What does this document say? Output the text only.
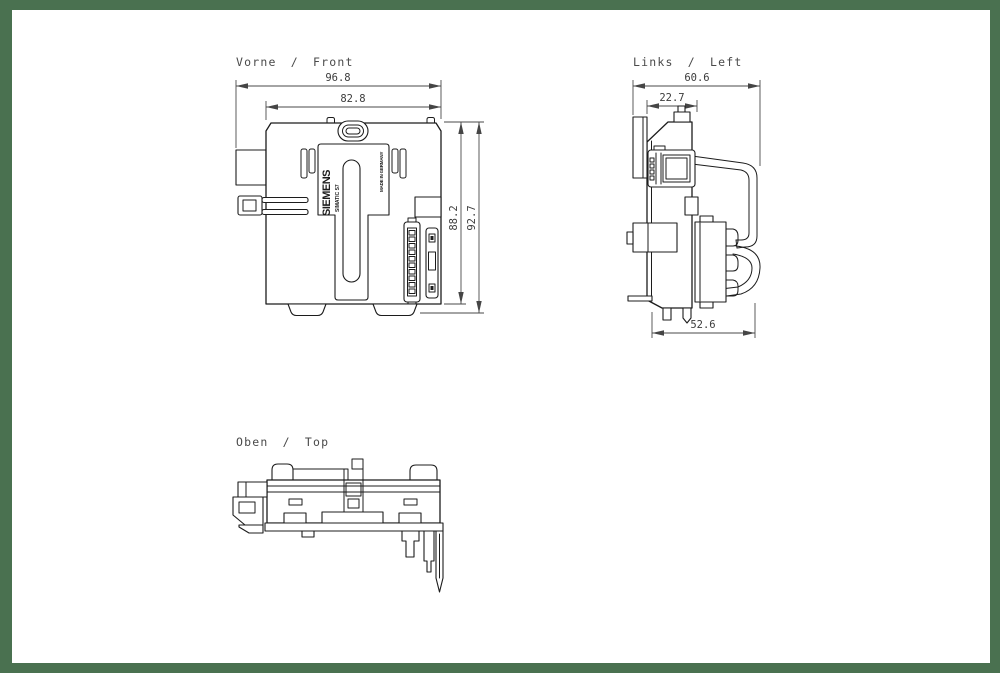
Vorne / Front
96.8
82.8
88.2 92.7
SIEMENS SIMATIC S7
MADE IN GERMANY
Links / Left
60.6
22.7
52.6
Oben / Top
